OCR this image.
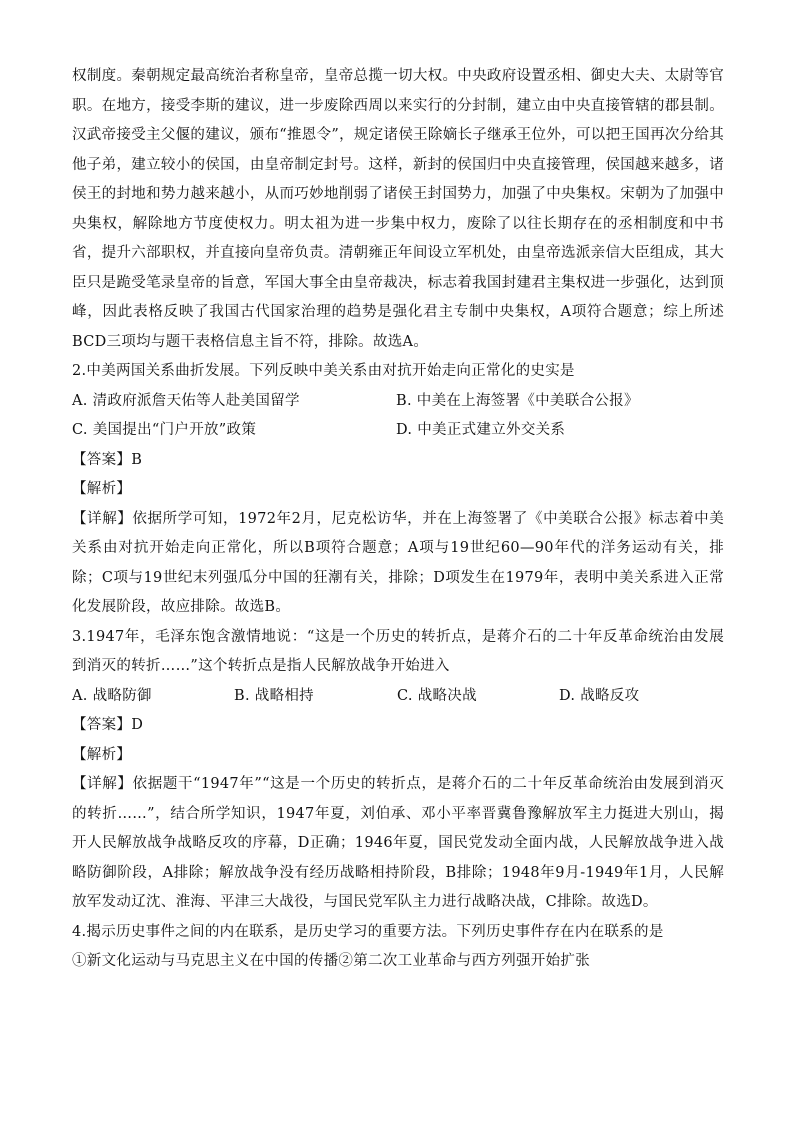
权制度。秦朝规定最高统治者称皇帝，皇帝总揽一切大权。中央政府设置丞相、御史大夫、太尉等官职。在地方，接受李斯的建议，进一步废除西周以来实行的分封制，建立由中央直接管辖的郡县制。汉武帝接受主父偃的建议，颁布“推恩令”，规定诸侯王除嫡长子继承王位外，可以把王国再次分给其他子弟，建立较小的侯国，由皇帝制定封号。这样，新封的侯国归中央直接管理，侯国越来越多，诸侯王的封地和势力越来越小，从而巧妙地削弱了诸侯王封国势力，加强了中央集权。宋朝为了加强中央集权，解除地方节度使权力。明太祖为进一步集中权力，废除了以往长期存在的丞相制度和中书省，提升六部职权，并直接向皇帝负责。清朝雍正年间设立军机处，由皇帝选派亲信大臣组成，其大臣只是跪受笔录皇帝的旨意，军国大事全由皇帝裁决，标志着我国封建君主集权进一步强化，达到顶峰，因此表格反映了我国古代国家治理的趋势是强化君主专制中央集权，A项符合题意；综上所述BCD三项均与题干表格信息主旨不符，排除。故选A。

2.中美两国关系曲折发展。下列反映中美关系由对抗开始走向正常化的史实是

A. 清政府派詹天佑等人赴美国留学	B. 中美在上海签署《中美联合公报》
C. 美国提出“门户开放”政策	D. 中美正式建立外交关系

【答案】B

【解析】

【详解】依据所学可知，1972年2月，尼克松访华，并在上海签署了《中美联合公报》标志着中美关系由对抗开始走向正常化，所以B项符合题意；A项与19世纪60—90年代的洋务运动有关，排除；C项与19世纪末列强瓜分中国的狂潮有关，排除；D项发生在1979年，表明中美关系进入正常化发展阶段，故应排除。故选B。

3.1947年，毛泽东饱含激情地说：“这是一个历史的转折点，是蒋介石的二十年反革命统治由发展到消灭的转折……”这个转折点是指人民解放战争开始进入

A. 战略防御	B. 战略相持	C. 战略决战	D. 战略反攻

【答案】D

【解析】

【详解】依据题干“1947年”“这是一个历史的转折点，是蒋介石的二十年反革命统治由发展到消灭的转折……”，结合所学知识，1947年夏，刘伯承、邓小平率晋冀鲁豫解放军主力挺进大别山，揭开人民解放战争战略反攻的序幕，D正确；1946年夏，国民党发动全面内战，人民解放战争进入战略防御阶段，A排除；解放战争没有经历战略相持阶段，B排除；1948年9月-1949年1月，人民解放军发动辽沈、淮海、平津三大战役，与国民党军队主力进行战略决战，C排除。故选D。

4.揭示历史事件之间的内在联系，是历史学习的重要方法。下列历史事件存在内在联系的是

①新文化运动与马克思主义在中国的传播②第二次工业革命与西方列强开始扩张
